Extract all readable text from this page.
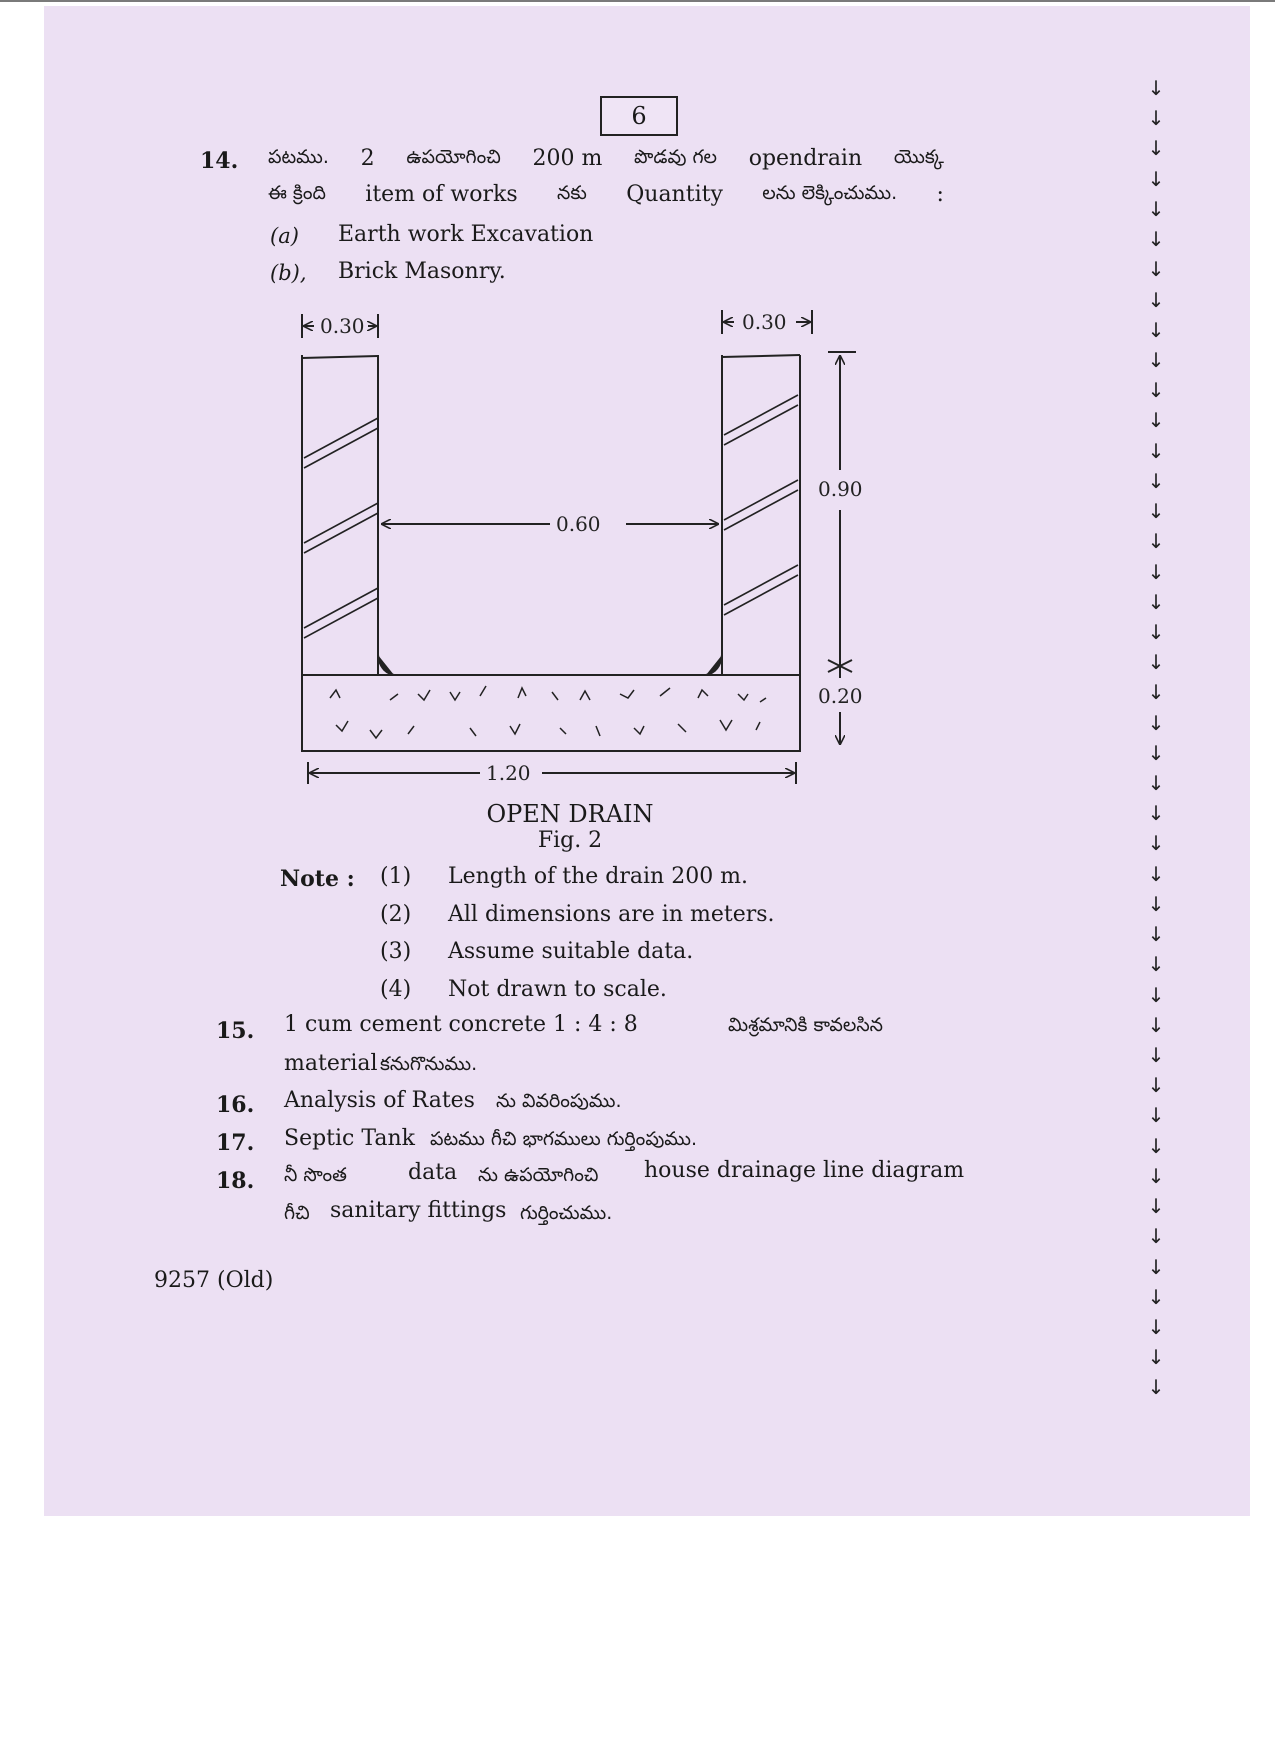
6
14. పటము. 2 ఉపయోగించి 200 m పొడవు గల opendrain యొక్క
ఈ క్రింది item of works నకు Quantity లను లెక్కించుము. :
(a) Earth work Excavation
(b), Brick Masonry.
0.30	0.30
0.60
0.90
0.20
1.20
OPEN DRAIN
Fig. 2
Note : (1) Length of the drain 200 m.
(2) All dimensions are in meters.
(3) Assume suitable data.
(4) Not drawn to scale.
15. 1 cum cement concrete 1 : 4 : 8	మిశ్రమానికి కావలసిన
material కనుగొనుము.
16. Analysis of Rates ను వివరింపుము.
17. Septic Tank పటము గీచి భాగములు గుర్తింపుము.
18. నీ సొంత	data ను ఉపయోగించి house drainage line diagram
గీచి sanitary fittings గుర్తించుము.
9257 (Old)
↓
↓
↓
↓
↓
↓
↓
↓
↓
↓
↓
↓
↓
↓
↓
↓
↓
↓
↓
↓
↓
↓
↓
↓
↓
↓
↓
↓
↓
↓
↓
↓
↓
↓
↓
↓
↓
↓
↓
↓
↓
↓
↓
↓
